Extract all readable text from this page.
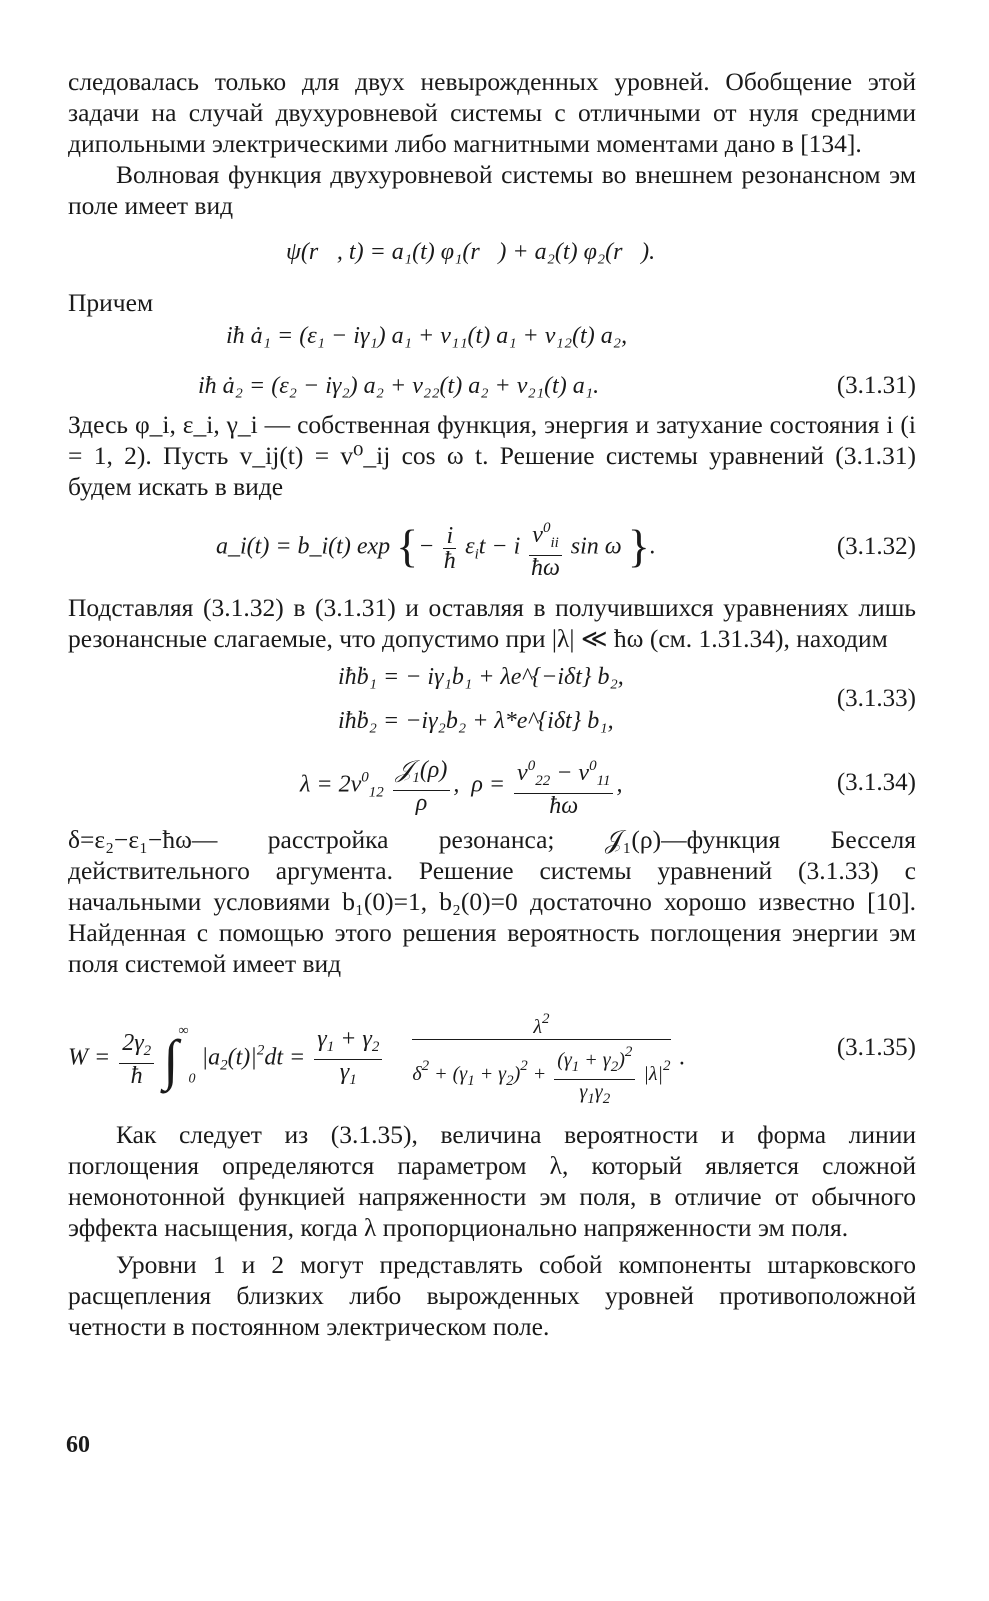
следовалась только для двух невырожденных уровней. Обобщение этой задачи на случай двухуровневой системы с отличными от нуля средними дипольными электрическими либо магнитными моментами дано в [134].

Волновая функция двухуровневой системы во внешнем резонансном эм поле имеет вид

ψ(r⃗, t) = a₁(t) φ₁(r⃗) + a₂(t) φ₂(r⃗).
Причем
iħ ȧ₁ = (ε₁ − iγ₁) a₁ + v₁₁(t) a₁ + v₁₂(t) a₂,
iħ ȧ₂ = (ε₂ − iγ₂) a₂ + v₂₂(t) a₂ + v₂₁(t) a₁.	(3.1.31)

Здесь φ_i, ε_i, γ_i — собственная функция, энергия и затухание состояния i (i = 1, 2). Пусть v_ij(t) = v⁰_ij cos ω t. Решение системы уравнений (3.1.31) будем искать в виде

a_i(t) = b_i(t) exp {− $\frac{i}{ħ} \varepsilon_it - i \frac{v^0_{ii}}{ħ\omega}$ sin ω }.	(3.1.32)

Подставляя (3.1.32) в (3.1.31) и оставляя в получившихся уравнениях лишь резонансные слагаемые, что допустимо при |λ| ≪ ħω (см. 1.31.34), находим

iħḃ₁ = − iγ₁b₁ + λe^{−iδt} b₂,
iħḃ₂ = −iγ₂b₂ + λ*e^{iδt} b₁,
(3.1.33)
$\lambda = 2v^0_{12} \frac{𝒥_1(\rho)}{\rho}$ ,  $\rho = \frac{v^0_{22} - v^0_{11}}{ħ\omega}$ ,	(3.1.34)

δ=ε₂−ε₁−ħω— расстройка резонанса; 𝒥₁(ρ)—функция Бесселя действительного аргумента. Решение системы уравнений (3.1.33) с начальными условиями b₁(0)=1, b₂(0)=0 достаточно хорошо известно [10]. Найденная с помощью этого решения вероятность поглощения энергии эм поля системой имеет вид

$W = \frac{2\gamma_2}{ħ} \int^\infty_0$ $|a_2(t)|^2dt = \frac{\gamma_1 + \gamma_2}{\gamma_1}$
$\frac{\lambda^2}{\delta^2 + (\gamma_1 + \gamma_2)^2 + \frac{(\gamma_1 + \gamma_2)^2}{\gamma_1\gamma_2} |\lambda|^2}$ .	(3.1.35)

Как следует из (3.1.35), величина вероятности и форма линии поглощения определяются параметром λ, который является сложной немонотонной функцией напряженности эм поля, в отличие от обычного эффекта насыщения, когда λ пропорционально напряженности эм поля.

Уровни 1 и 2 могут представлять собой компоненты штарковского расщепления близких либо вырожденных уровней противоположной четности в постоянном электрическом поле.

60
